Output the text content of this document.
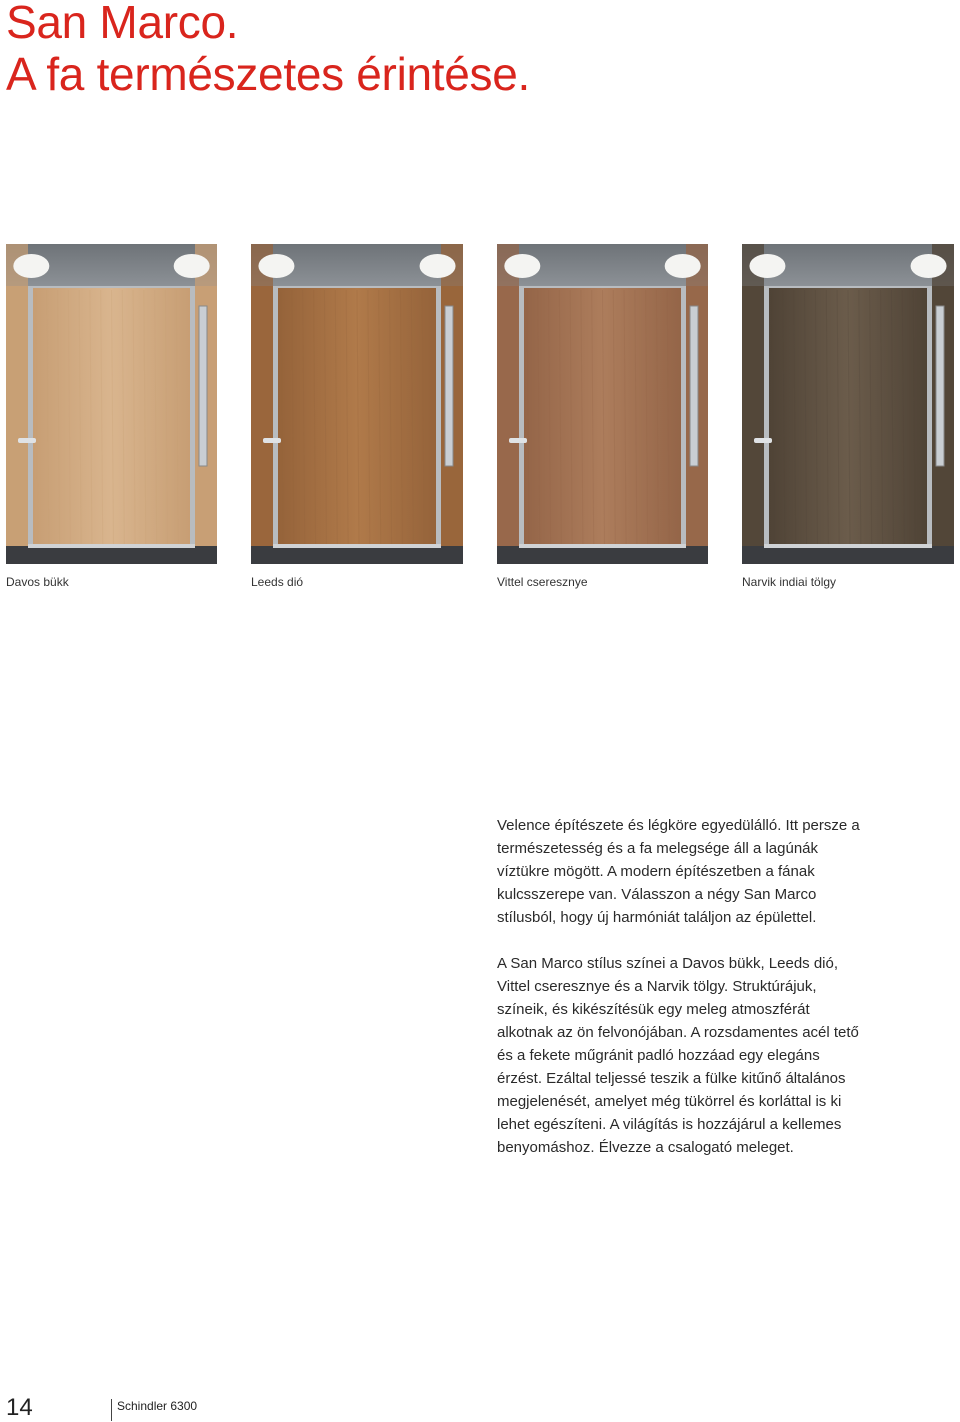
San Marco.
A fa természetes érintése.
Davos bükk	Leeds dió	Vittel cseresznye	Narvik indiai tölgy

Velence építészete és légköre egyedülálló. Itt persze a természetesség és a fa melegsége áll a lagúnák víztükre mögött. A modern építészetben a fának kulcsszerepe van. Válasszon a négy San Marco stílusból, hogy új harmóniát találjon az épülettel.

A San Marco stílus színei a Davos bükk, Leeds dió, Vittel cseresznye és a Narvik tölgy. Struktúrájuk, színeik, és kikészítésük egy meleg atmoszférát alkotnak az ön felvonójában. A rozsdamentes acél tető és a fekete műgránit padló hozzáad egy elegáns érzést. Ezáltal teljessé teszik a fülke kitűnő általános megjelenését, amelyet még tükörrel és korláttal is ki lehet egészíteni. A világítás is hozzájárul a kellemes benyomáshoz. Élvezze a csalogató meleget.

14	Schindler 6300
